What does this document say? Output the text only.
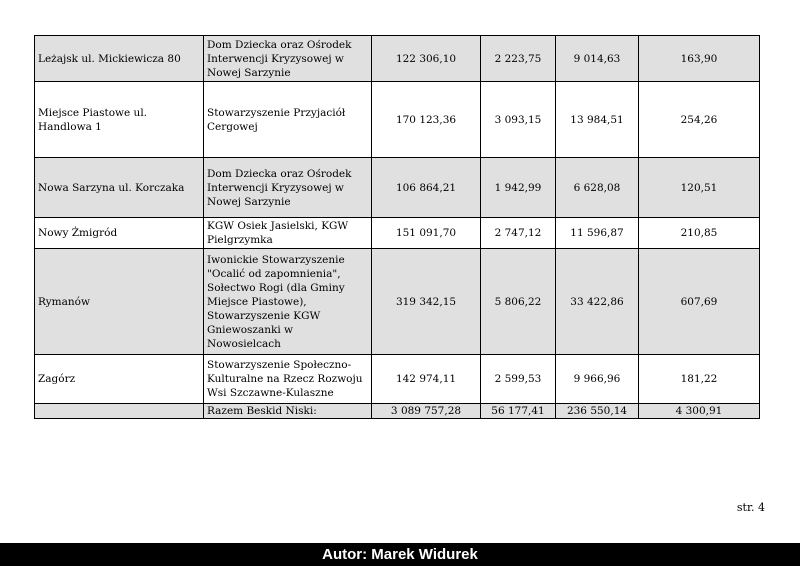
Leżajsk ul. Mickiewicza 80	Dom Dziecka oraz Ośrodek Interwencji Kryzysowej w Nowej Sarzynie	122 306,10	2 223,75	9 014,63	163,90
Miejsce Piastowe ul. Handlowa 1	Stowarzyszenie Przyjaciół Cergowej	170 123,36	3 093,15	13 984,51	254,26
Nowa Sarzyna ul. Korczaka	Dom Dziecka oraz Ośrodek Interwencji Kryzysowej w Nowej Sarzynie	106 864,21	1 942,99	6 628,08	120,51
Nowy Żmigród	KGW Osiek Jasielski, KGW Pielgrzymka	151 091,70	2 747,12	11 596,87	210,85
Rymanów	Iwonickie Stowarzyszenie "Ocalić od zapomnienia", Sołectwo Rogi (dla Gminy Miejsce Piastowe), Stowarzyszenie KGW Gniewoszanki w Nowosielcach	319 342,15	5 806,22	33 422,86	607,69
Zagórz	Stowarzyszenie Społeczno-Kulturalne na Rzecz Rozwoju Wsi Szczawne-Kulaszne	142 974,11	2 599,53	9 966,96	181,22
	Razem Beskid Niski:	3 089 757,28	56 177,41	236 550,14	4 300,91
str. 4
Autor: Marek Widurek
